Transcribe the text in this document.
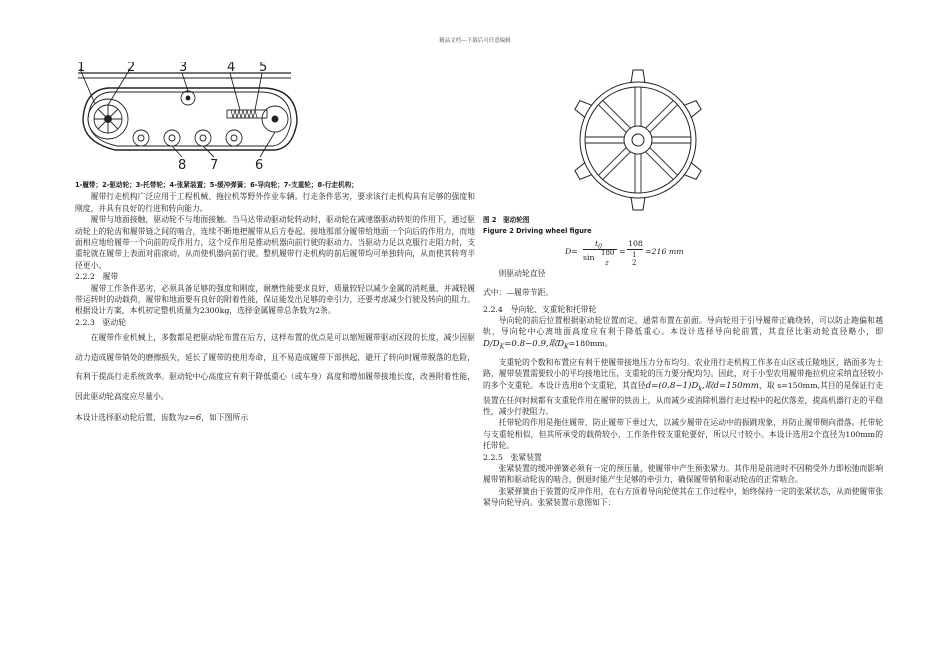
精品文档---下载后可任意编辑
1	2	3	4 5
8 7	6
1-履带；2-驱动轮；3-托带轮；4-张紧装置；5-缓冲弹簧；6-导向轮；7-支重轮；8-行走机构；
履带行走机构广泛应用于工程机械、拖拉机等野外作业车辆。行走条件恶劣，要求该行走机构具有足够的强度和刚度，并具有良好的行进和转向能力。
履带与地面接触，驱动轮不与地面接触。当马达带动驱动轮转动时，驱动轮在减速器驱动转矩的作用下，通过驱动轮上的轮齿和履带链之间的啮合，连续不断地把履带从后方卷起。接地那部分履带给地面一个向后的作用力，而地面相应地给履带一个向前的反作用力，这个反作用是推动机器向前行驶的驱动力。当驱动力足以克服行走阻力时，支重轮就在履带上表面对前滚动，从而使机器向前行驶。整机履带行走机构的前后履带均可单独转向，从而使其转弯半径更小。
2.2.2　履带
履带工作条件恶劣，必须具备足够的强度和刚度，耐磨性能要求良好，质量较轻以减少金属的消耗量，并减轻履带运转时的动载荷，履带和地面要有良好的附着性能，保证能发出足够的牵引力，还要考虑减少行驶及转向的阻力。根据设计方案，本机初定整机质量为2300kg，选择金属履带总条数为2条。
2.2.3　驱动轮
在履带作业机械上，多数都是把驱动轮布置在后方，这样布置的优点是可以缩短履带驱动区段的长度，减少因驱动力造成履带销处的磨擦损失，延长了履带的使用寿命，且不易造成履带下部拱起，避开了转向时履带脱落的危险，有利于提高行走系统效率。驱动轮中心高度应有利于降低重心（或车身）高度和增加履带接地长度，改善附着性能，因此驱动轮高度应尽量小。
本设计选择驱动轮后置，齿数为z=6，如下图所示
图 2　驱动轮图
Figure 2 Driving wheel figure
D=
$t_0$
sin 180
z
=
108
1
2
=216 mm
则驱动轮直径
式中：—履带节距。
2.2.4　导向轮、支重轮和托带轮
导向轮的前后位置根据驱动轮位置而定，通常布置在前面。导向轮用于引导履带正确绕转，可以防止跑偏和越轨，导向轮中心离地面高度应有利于降低重心。本设计选择导向轮前置，其直径比驱动轮直径略小，即$D/D_K=0.8\sim 0.9$,取$D_K=180mm$。
支重轮的个数和布置应有利于使履带接地压力分布均匀。农业用行走机构工作多在山区或丘陵地区，路面多为土路，履带装置需要较小的平均接地比压，支重轮的压力要分配均匀。因此，对于小型农用履带拖拉机应采纳直径较小的多个支重轮。本设计选用8个支重轮，其直径$d=(0.8\sim 1)D_k$,取d=150mm，取 s=150mm,其目的是保证行走装置在任何时候都有支重轮作用在履带的铁齿上，从而减少或消除机器行走过程中的起伏落差，提高机器行走的平稳性，减少行驶阻力。
托带轮的作用是拖住履带，防止履带下垂过大，以减少履带在运动中的振跳现象，并防止履带侧向滑落。托带轮与支重轮相似，但其所承受的载荷较小，工作条件较支重轮要好，所以尺寸较小。本设计选用2个直径为100mm的托带轮。
2.2.5　张紧装置
张紧装置的缓冲弹簧必须有一定的预压量，使履带中产生预张紧力。其作用是前进时不因稍受外力即松弛而影响履带销和驱动轮齿的啮合，倒退时能产生足够的牵引力，确保履带销和驱动轮齿的正常啮合。
张紧弹簧由于装置的反冲作用，在右方顶着导向轮使其在工作过程中，始终保持一定的张紧状态，从而使履带张紧导向轮导向。张紧装置示意图如下：
